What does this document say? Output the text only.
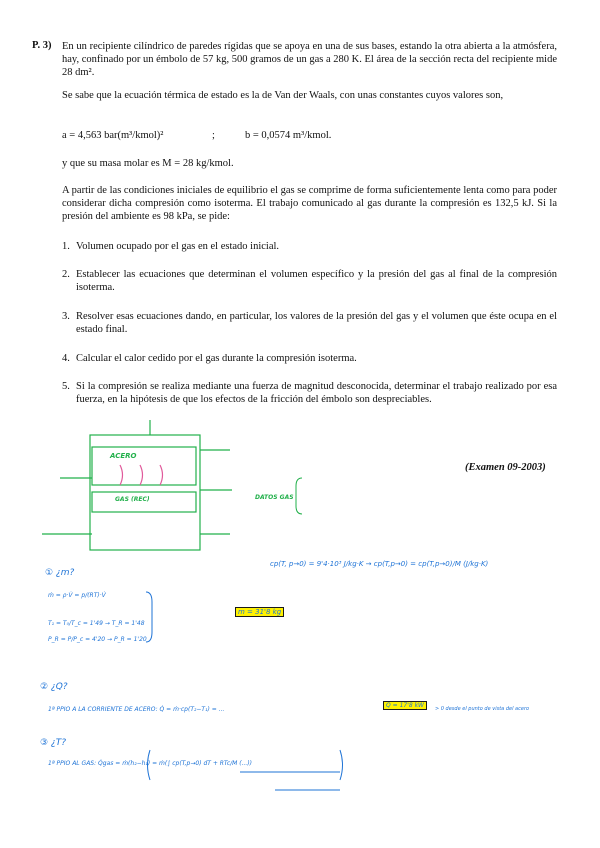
P. 3) En un recipiente cilíndrico de paredes rígidas que se apoya en una de sus bases, estando la otra abierta a la atmósfera, hay, confinado por un émbolo de 57 kg, 500 gramos de un gas a 280 K. El área de la sección recta del recipiente mide 28 dm².
Se sabe que la ecuación térmica de estado es la de Van der Waals, con unas constantes cuyos valores son,
a = 4,563 bar(m³/kmol)²	;	b = 0,0574 m³/kmol.
y que su masa molar es M = 28 kg/kmol.
A partir de las condiciones iniciales de equilibrio el gas se comprime de forma suficientemente lenta como para poder considerar dicha compresión como isoterma. El trabajo comunicado al gas durante la compresión es 132,5 kJ. Si la presión del ambiente es 98 kPa, se pide:
1. Volumen ocupado por el gas en el estado inicial.
2. Establecer las ecuaciones que determinan el volumen específico y la presión del gas al final de la compresión isoterma.
3. Resolver esas ecuaciones dando, en particular, los valores de la presión del gas y el volumen que éste ocupa en el estado final.
4. Calcular el calor cedido por el gas durante la compresión isoterma.
5. Si la compresión se realiza mediante una fuerza de magnitud desconocida, determinar el trabajo realizado por esa fuerza, en la hipótesis de que los efectos de la fricción del émbolo son despreciables.
(Examen 09-2003)
ACERO
GAS (REC)	DATOS GAS
cp(T, p→0) = 9'4·10³ J/kg·K → cp(T,p→0) = cp(T,p→0)/M (J/kg·K)
① ¿m?
ṁ = ρ·V̇ = p/(RT)·V̇
T₁ = T₀/T_c = 1'49 → T_R = 1'48
P_R = P/P_c = 4'20 → P_R = 1'20
m = 31'8 kg
② ¿Q?
1ª PPIO A LA CORRIENTE DE ACERO: Q̇ = ṁ·cp(T₂−T₁) = ...
Q = 17'8 kW	> 0 desde el punto de vista del acero
③ ¿T?
1ª PPIO AL GAS: Q̇gas = ṁ(h₂−h₁) = ṁ(∫ cp(T,p→0) dT + RTc/M (...))
